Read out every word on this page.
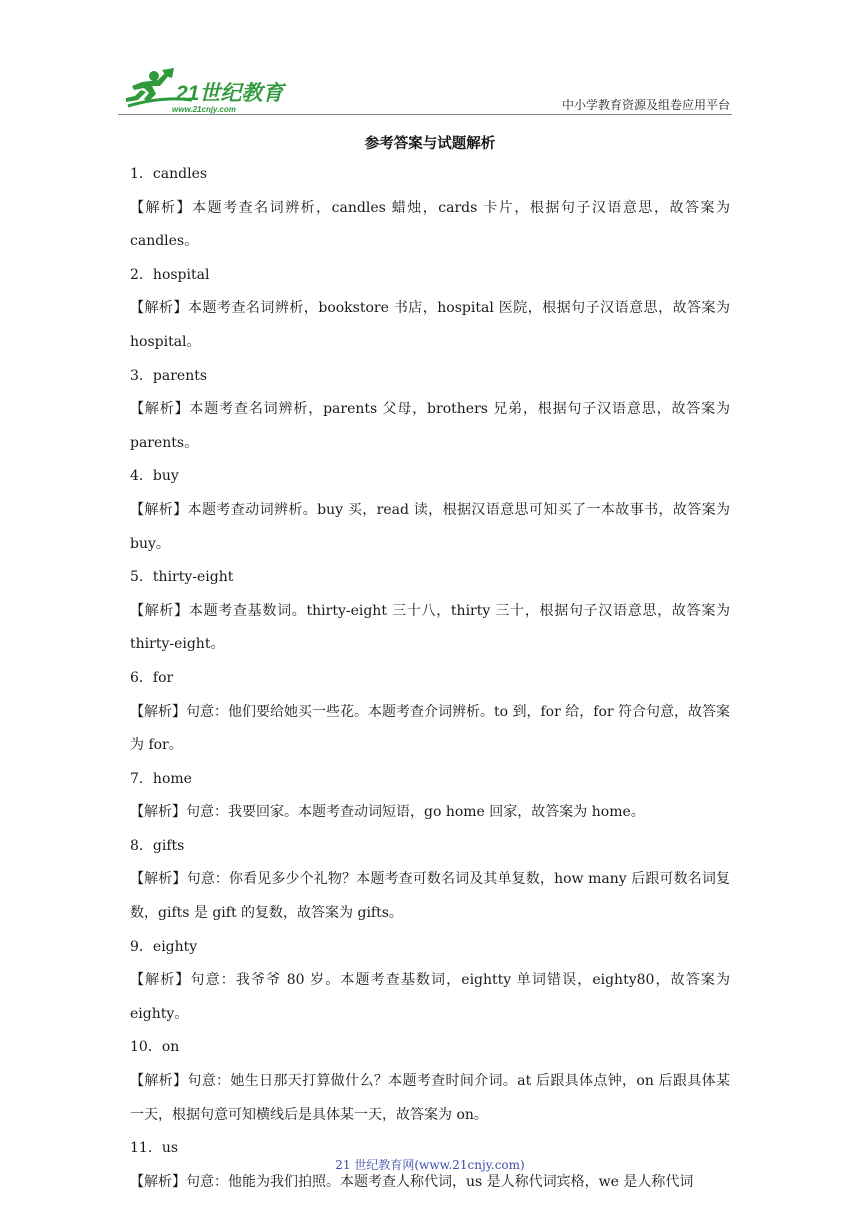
21世纪教育
www.21cnjy.com	中小学教育资源及组卷应用平台
参考答案与试题解析

1．candles

【解析】本题考查名词辨析，candles 蜡烛，cards 卡片，根据句子汉语意思，故答案为 candles。

2．hospital

【解析】本题考查名词辨析，bookstore 书店，hospital 医院，根据句子汉语意思，故答案为 hospital。

3．parents

【解析】本题考查名词辨析，parents 父母，brothers 兄弟，根据句子汉语意思，故答案为 parents。

4．buy

【解析】本题考查动词辨析。buy 买，read 读，根据汉语意思可知买了一本故事书，故答案为 buy。

5．thirty-eight

【解析】本题考查基数词。thirty-eight 三十八，thirty 三十，根据句子汉语意思，故答案为 thirty-eight。

6．for

【解析】句意：他们要给她买一些花。本题考查介词辨析。to 到，for 给，for 符合句意，故答案为 for。

7．home

【解析】句意：我要回家。本题考查动词短语，go home 回家，故答案为 home。

8．gifts

【解析】句意：你看见多少个礼物？本题考查可数名词及其单复数，how many 后跟可数名词复数，gifts 是 gift 的复数，故答案为 gifts。

9．eighty

【解析】句意：我爷爷 80 岁。本题考查基数词，eightty 单词错误，eighty80，故答案为 eighty。

10．on

【解析】句意：她生日那天打算做什么？本题考查时间介词。at 后跟具体点钟，on 后跟具体某一天，根据句意可知横线后是具体某一天，故答案为 on。

11．us

【解析】句意：他能为我们拍照。本题考查人称代词，us 是人称代词宾格，we 是人称代词

21 世纪教育网(www.21cnjy.com)
